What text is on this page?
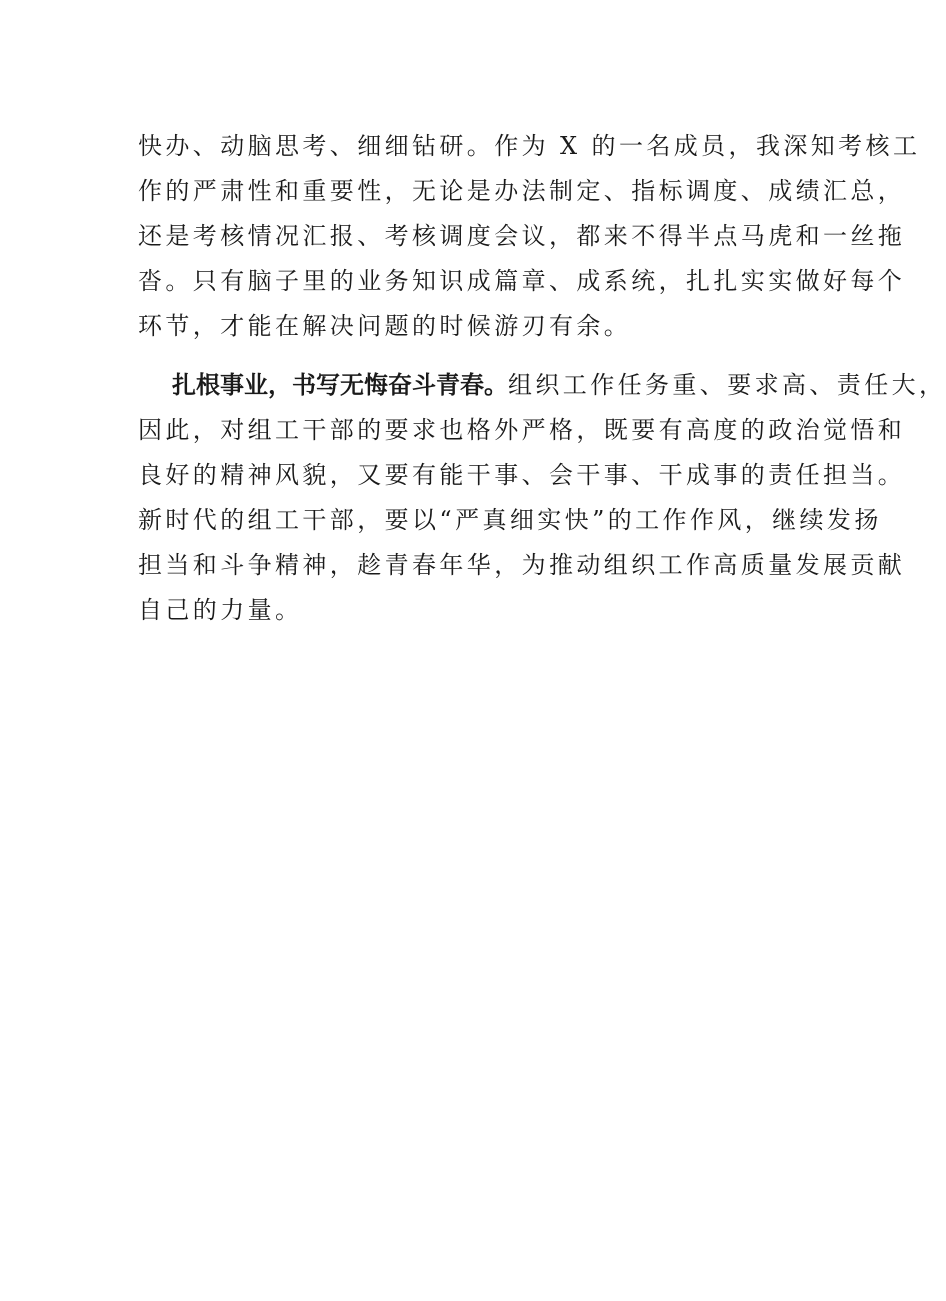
快办、动脑思考、细细钻研。作为 X 的一名成员，我深知考核工
作的严肃性和重要性，无论是办法制定、指标调度、成绩汇总，
还是考核情况汇报、考核调度会议，都来不得半点马虎和一丝拖
沓。只有脑子里的业务知识成篇章、成系统，扎扎实实做好每个
环节，才能在解决问题的时候游刃有余。
扎根事业，书写无悔奋斗青春。组织工作任务重、要求高、责任大，
因此，对组工干部的要求也格外严格，既要有高度的政治觉悟和
良好的精神风貌，又要有能干事、会干事、干成事的责任担当。
新时代的组工干部，要以“严真细实快”的工作作风，继续发扬
担当和斗争精神，趁青春年华，为推动组织工作高质量发展贡献
自己的力量。
